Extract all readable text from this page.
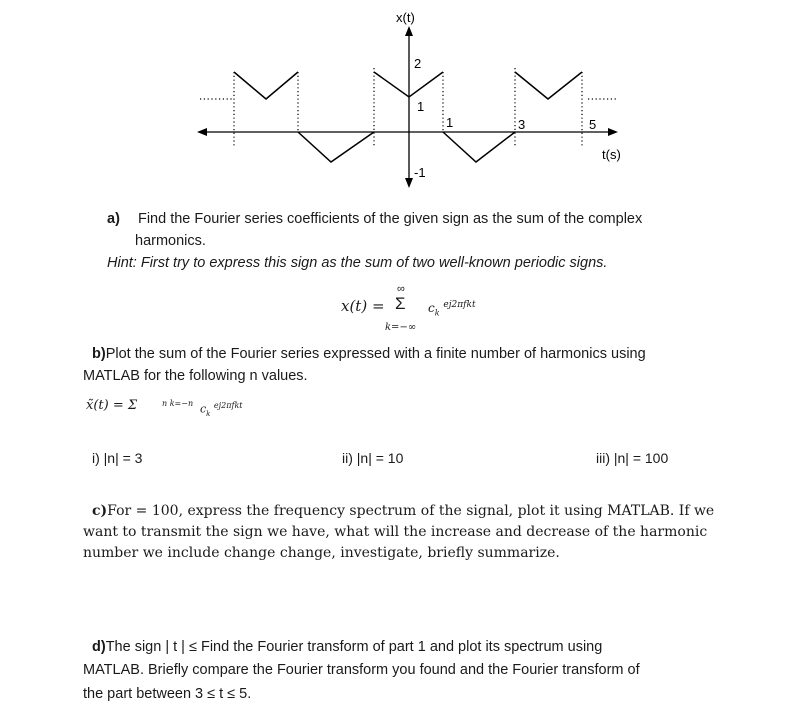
x(t)
2
1
-1
1	3	5
t(s)
a) Find the Fourier series coefficients of the given sign as the sum of the complex
harmonics.
Hint: First try to express this sign as the sum of two well-known periodic signs.
x(t) =
∞
Σ $c_k$ $^{ej2\pi fkt}$
k=−∞
b)Plot the sum of the Fourier series expressed with a finite number of harmonics using
MATLAB for the following n values.
x̃(t) = Σ	n k=−n $c_k$ $^{ej2\pi fkt}$
i) |n| = 3	ii) |n| = 10	iii) |n| = 100
c)For = 100, express the frequency spectrum of the signal, plot it using MATLAB. If we
want to transmit the sign we have, what will the increase and decrease of the harmonic
number we include change change, investigate, briefly summarize.
d)The sign | t | ≤ Find the Fourier transform of part 1 and plot its spectrum using
MATLAB. Briefly compare the Fourier transform you found and the Fourier transform of
the part between 3 ≤ t ≤ 5.
